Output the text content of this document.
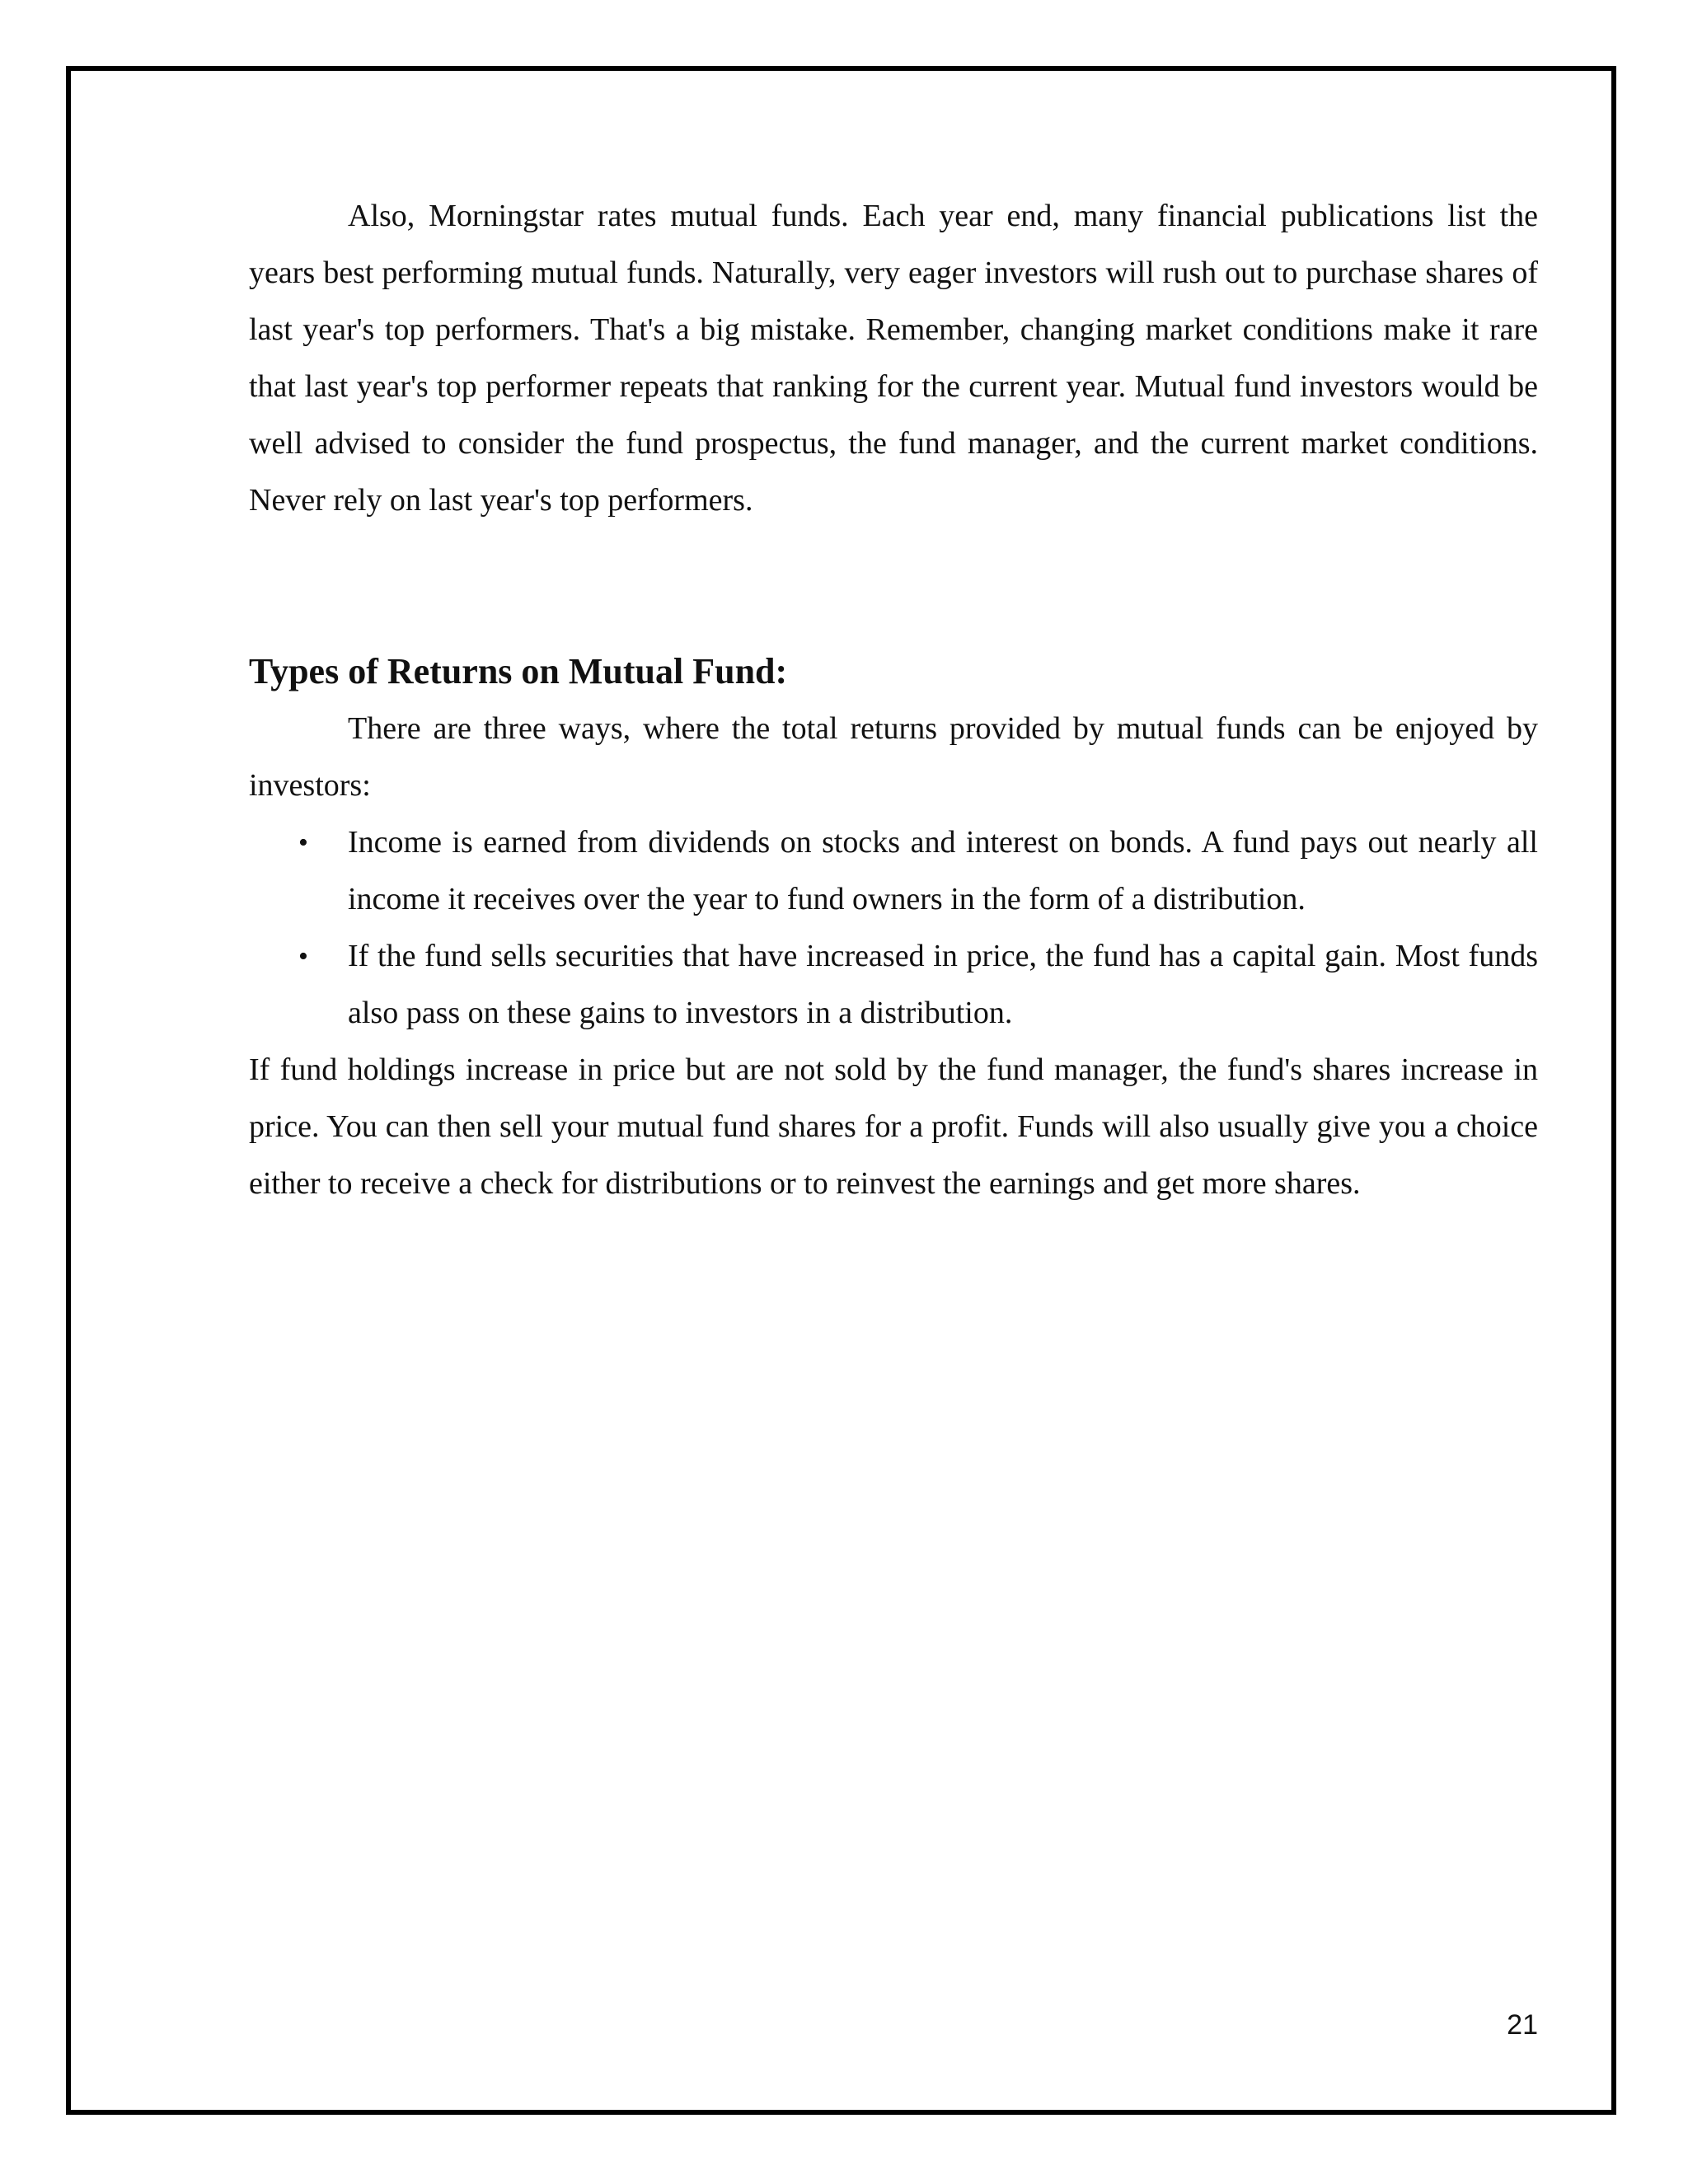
Also, Morningstar rates mutual funds. Each year end, many financial publications list the years best performing mutual funds. Naturally, very eager investors will rush out to purchase shares of last year's top performers. That's a big mistake. Remember, changing market conditions make it rare that last year's top performer repeats that ranking for the current year. Mutual fund investors would be well advised to consider the fund prospectus, the fund manager, and the current market conditions. Never rely on last year's top performers.

Types of Returns on Mutual Fund:

There are three ways, where the total returns provided by mutual funds can be enjoyed by investors:

• Income is earned from dividends on stocks and interest on bonds. A fund pays out nearly all income it receives over the year to fund owners in the form of a distribution.
• If the fund sells securities that have increased in price, the fund has a capital gain. Most funds also pass on these gains to investors in a distribution.

If fund holdings increase in price but are not sold by the fund manager, the fund's shares increase in price. You can then sell your mutual fund shares for a profit. Funds will also usually give you a choice either to receive a check for distributions or to reinvest the earnings and get more shares.

21
